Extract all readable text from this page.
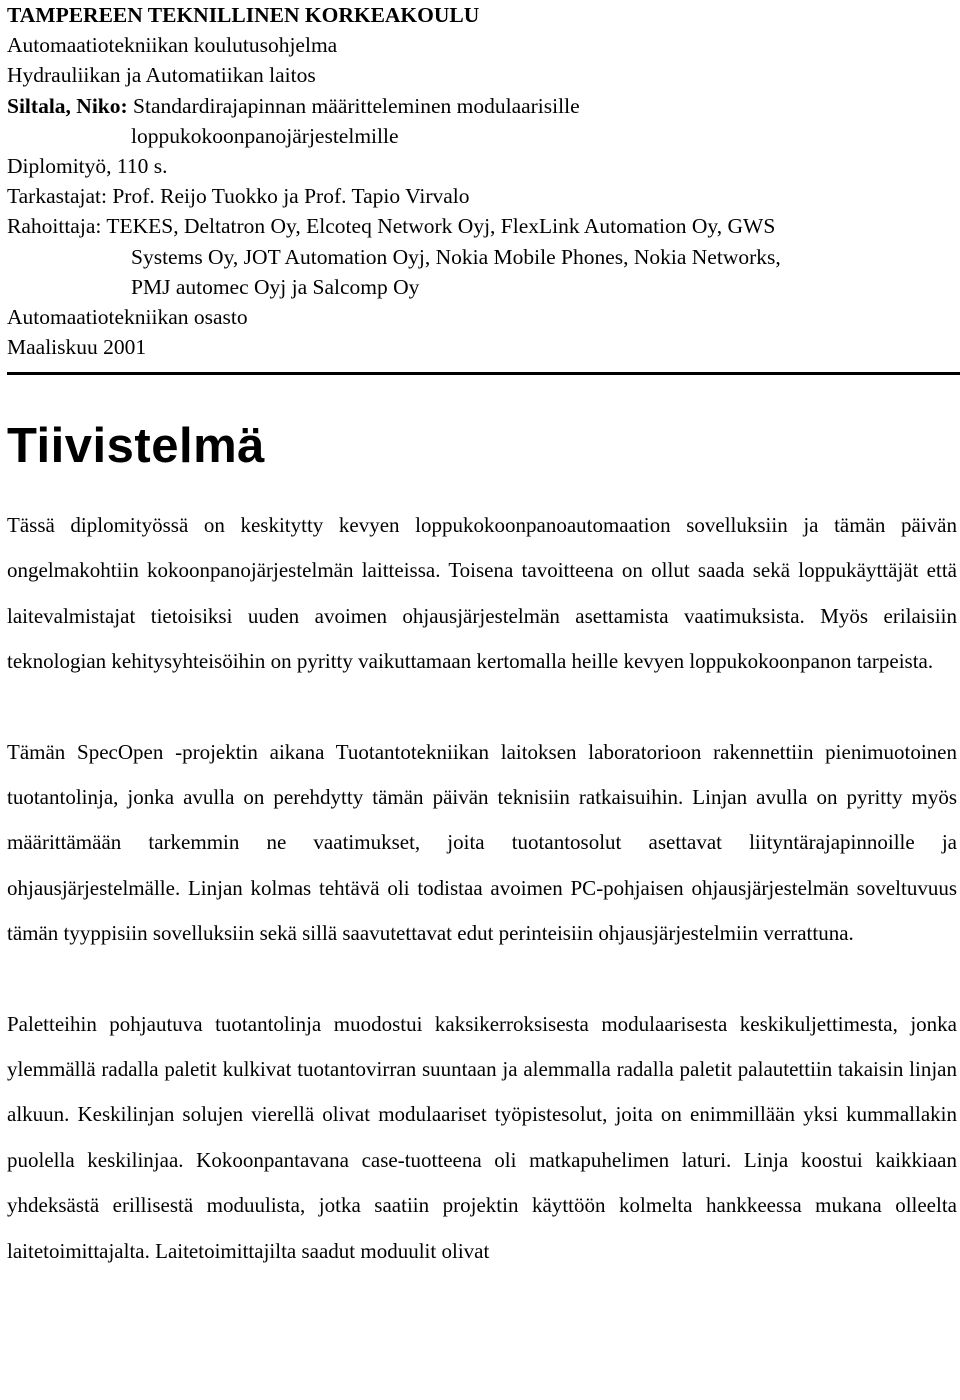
TAMPEREEN TEKNILLINEN KORKEAKOULU
Automaatiotekniikan koulutusohjelma
Hydrauliikan ja Automatiikan laitos
Siltala, Niko: Standardirajapinnan määritteleminen modulaarisille
loppukokoonpanojärjestelmille
Diplomityö, 110 s.
Tarkastajat: Prof. Reijo Tuokko ja Prof. Tapio Virvalo
Rahoittaja: TEKES, Deltatron Oy, Elcoteq Network Oyj, FlexLink Automation Oy, GWS
Systems Oy, JOT Automation Oyj, Nokia Mobile Phones, Nokia Networks,
PMJ automec Oyj ja Salcomp Oy
Automaatiotekniikan osasto
Maaliskuu 2001
Tiivistelmä

Tässä diplomityössä on keskitytty kevyen loppukokoonpanoautomaation sovelluksiin ja tämän päivän ongelmakohtiin kokoonpanojärjestelmän laitteissa. Toisena tavoitteena on ollut saada sekä loppukäyttäjät että laitevalmistajat tietoisiksi uuden avoimen ohjausjärjestelmän asettamista vaatimuksista. Myös erilaisiin teknologian kehitysyhteisöihin on pyritty vaikuttamaan kertomalla heille kevyen loppukokoonpanon tarpeista.

Tämän SpecOpen -projektin aikana Tuotantotekniikan laitoksen laboratorioon rakennettiin pienimuotoinen tuotantolinja, jonka avulla on perehdytty tämän päivän teknisiin ratkaisuihin. Linjan avulla on pyritty myös määrittämään tarkemmin ne vaatimukset, joita tuotantosolut asettavat liityntärajapinnoille ja ohjausjärjestelmälle. Linjan kolmas tehtävä oli todistaa avoimen PC-pohjaisen ohjausjärjestelmän soveltuvuus tämän tyyppisiin sovelluksiin sekä sillä saavutettavat edut perinteisiin ohjausjärjestelmiin verrattuna.

Paletteihin pohjautuva tuotantolinja muodostui kaksikerroksisesta modulaarisesta keskikuljettimesta, jonka ylemmällä radalla paletit kulkivat tuotantovirran suuntaan ja alemmalla radalla paletit palautettiin takaisin linjan alkuun. Keskilinjan solujen vierellä olivat modulaariset työpistesolut, joita on enimmillään yksi kummallakin puolella keskilinjaa. Kokoonpantavana case-tuotteena oli matkapuhelimen laturi. Linja koostui kaikkiaan yhdeksästä erillisestä moduulista, jotka saatiin projektin käyttöön kolmelta hankkeessa mukana olleelta laitetoimittajalta. Laitetoimittajilta saadut moduulit olivat
